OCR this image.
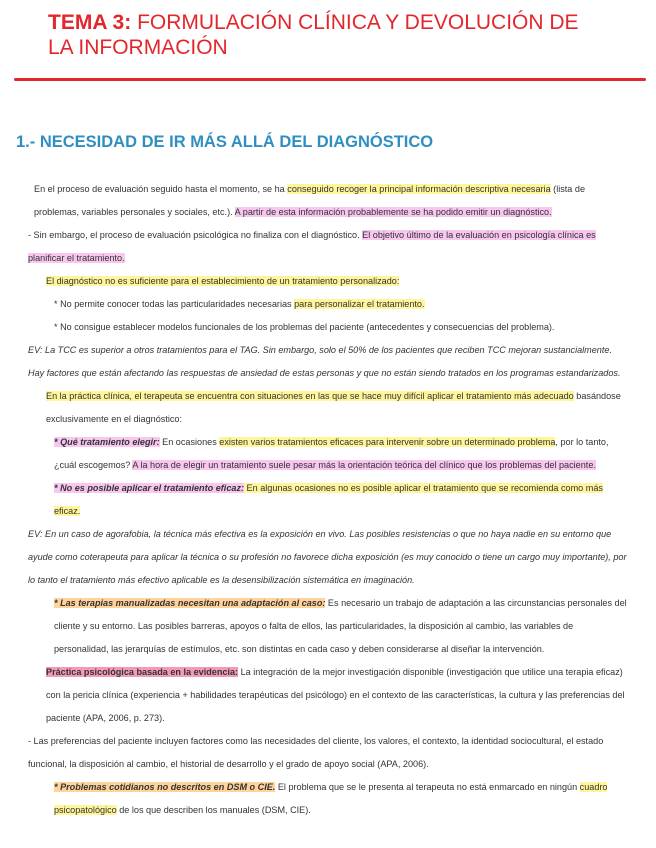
TEMA 3: FORMULACIÓN CLÍNICA Y DEVOLUCIÓN DE LA INFORMACIÓN
1.- NECESIDAD DE IR MÁS ALLÁ DEL DIAGNÓSTICO

En el proceso de evaluación seguido hasta el momento, se ha conseguido recoger la principal información descriptiva necesaria (lista de problemas, variables personales y sociales, etc.). A partir de esta información probablemente se ha podido emitir un diagnóstico.

- Sin embargo, el proceso de evaluación psicológica no finaliza con el diagnóstico. El objetivo último de la evaluación en psicología clínica es planificar el tratamiento.

El diagnóstico no es suficiente para el establecimiento de un tratamiento personalizado:

* No permite conocer todas las particularidades necesarias para personalizar el tratamiento.

* No consigue establecer modelos funcionales de los problemas del paciente (antecedentes y consecuencias del problema).

EV: La TCC es superior a otros tratamientos para el TAG. Sin embargo, solo el 50% de los pacientes que reciben TCC mejoran sustancialmente. Hay factores que están afectando las respuestas de ansiedad de estas personas y que no están siendo tratados en los programas estandarizados.

En la práctica clínica, el terapeuta se encuentra con situaciones en las que se hace muy difícil aplicar el tratamiento más adecuado basándose exclusivamente en el diagnóstico:

* Qué tratamiento elegir: En ocasiones existen varios tratamientos eficaces para intervenir sobre un determinado problema, por lo tanto, ¿cuál escogemos? A la hora de elegir un tratamiento suele pesar más la orientación teórica del clínico que los problemas del paciente.

* No es posible aplicar el tratamiento eficaz: En algunas ocasiones no es posible aplicar el tratamiento que se recomienda como más eficaz.

EV: En un caso de agorafobia, la técnica más efectiva es la exposición en vivo. Las posibles resistencias o que no haya nadie en su entorno que ayude como coterapeuta para aplicar la técnica o su profesión no favorece dicha exposición (es muy conocido o tiene un cargo muy importante), por lo tanto el tratamiento más efectivo aplicable es la desensibilización sistemática en imaginación.

* Las terapias manualizadas necesitan una adaptación al caso: Es necesario un trabajo de adaptación a las circunstancias personales del cliente y su entorno. Las posibles barreras, apoyos o falta de ellos, las particularidades, la disposición al cambio, las variables de personalidad, las jerarquías de estímulos, etc. son distintas en cada caso y deben considerarse al diseñar la intervención.

Práctica psicológica basada en la evidencia: La integración de la mejor investigación disponible (investigación que utilice una terapia eficaz) con la pericia clínica (experiencia + habilidades terapéuticas del psicólogo) en el contexto de las características, la cultura y las preferencias del paciente (APA, 2006, p. 273).

- Las preferencias del paciente incluyen factores como las necesidades del cliente, los valores, el contexto, la identidad sociocultural, el estado funcional, la disposición al cambio, el historial de desarrollo y el grado de apoyo social (APA, 2006).

* Problemas cotidianos no descritos en DSM o CIE. El problema que se le presenta al terapeuta no está enmarcado en ningún cuadro psicopatológico de los que describen los manuales (DSM, CIE).
